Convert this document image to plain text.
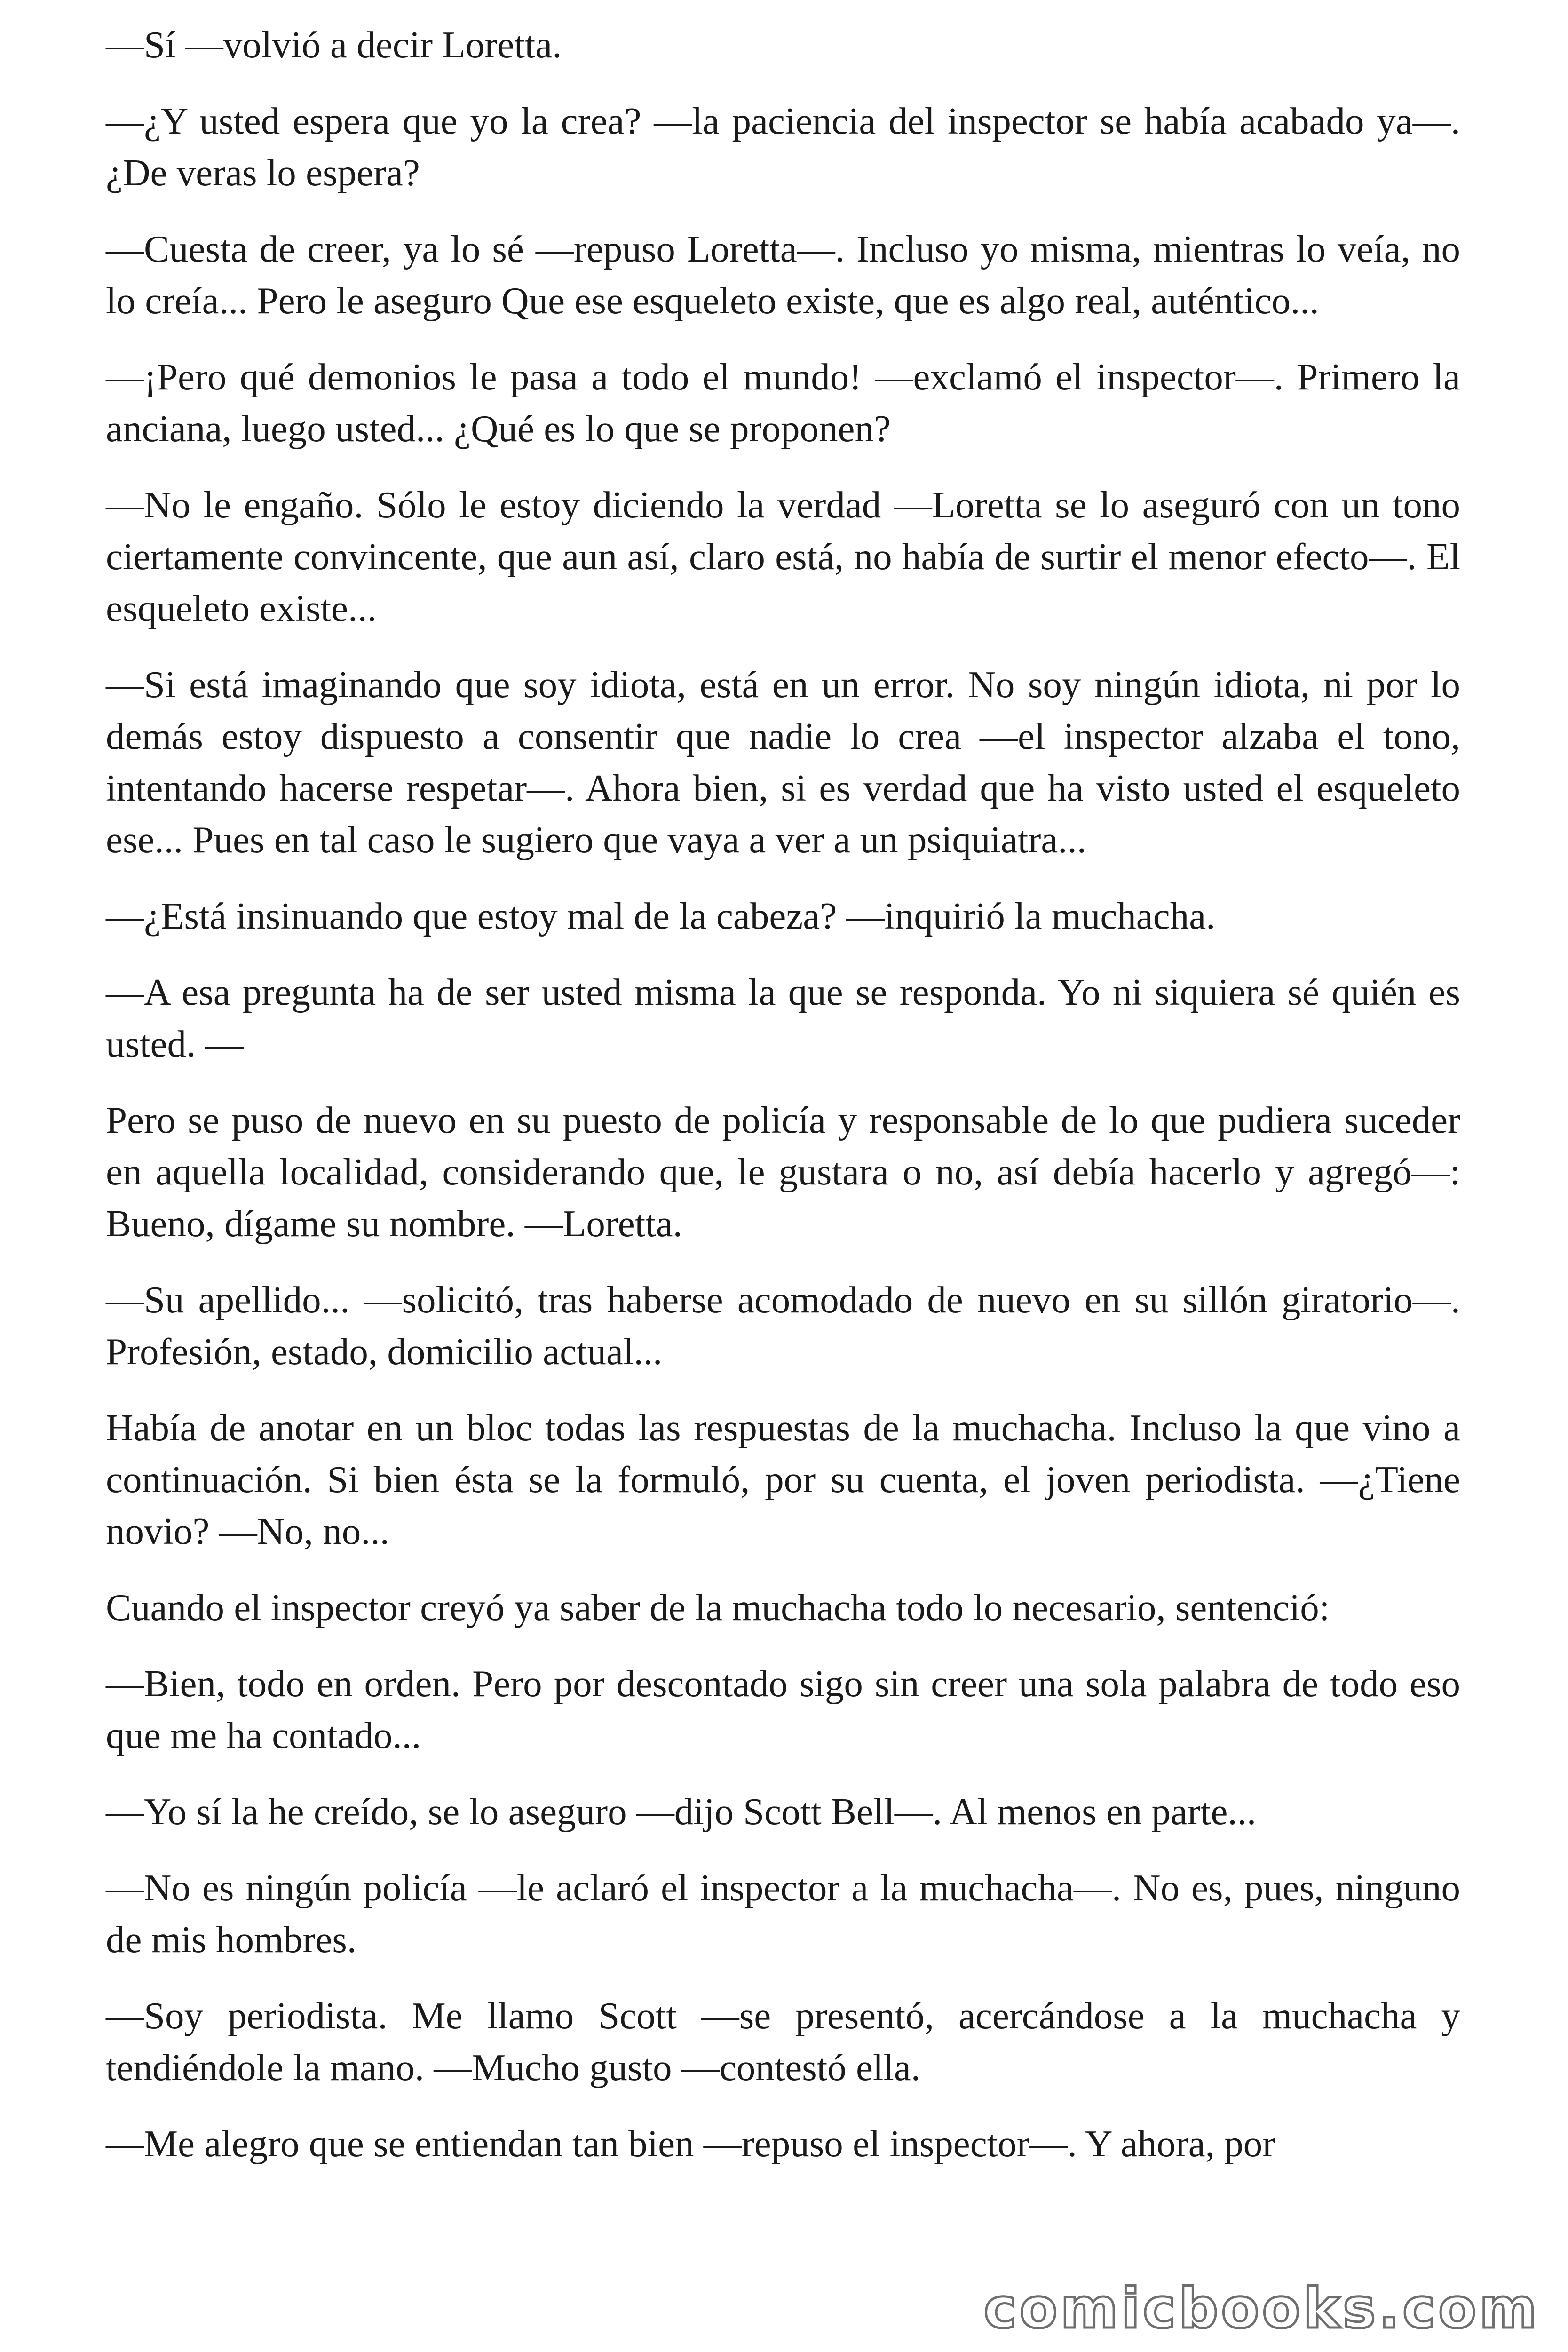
—Sí —volvió a decir Loretta.

—¿Y usted espera que yo la crea? —la paciencia del inspector se había acabado ya—. ¿De veras lo espera?

—Cuesta de creer, ya lo sé —repuso Loretta—. Incluso yo misma, mientras lo veía, no lo creía... Pero le aseguro Que ese esqueleto existe, que es algo real, auténtico...

—¡Pero qué demonios le pasa a todo el mundo! —exclamó el inspector—. Primero la anciana, luego usted... ¿Qué es lo que se proponen?

—No le engaño. Sólo le estoy diciendo la verdad —Loretta se lo aseguró con un tono ciertamente convincente, que aun así, claro está, no había de surtir el menor efecto—. El esqueleto existe...

—Si está imaginando que soy idiota, está en un error. No soy ningún idiota, ni por lo demás estoy dispuesto a consentir que nadie lo crea —el inspector alzaba el tono, intentando hacerse respetar—. Ahora bien, si es verdad que ha visto usted el esqueleto ese... Pues en tal caso le sugiero que vaya a ver a un psiquiatra...

—¿Está insinuando que estoy mal de la cabeza? —inquirió la muchacha.

—A esa pregunta ha de ser usted misma la que se responda. Yo ni siquiera sé quién es usted. —

Pero se puso de nuevo en su puesto de policía y responsable de lo que pudiera suceder en aquella localidad, considerando que, le gustara o no, así debía hacerlo y agregó—: Bueno, dígame su nombre. —Loretta.

—Su apellido... —solicitó, tras haberse acomodado de nuevo en su sillón giratorio—. Profesión, estado, domicilio actual...

Había de anotar en un bloc todas las respuestas de la muchacha. Incluso la que vino a continuación. Si bien ésta se la formuló, por su cuenta, el joven periodista. —¿Tiene novio? —No, no...

Cuando el inspector creyó ya saber de la muchacha todo lo necesario, sentenció:

—Bien, todo en orden. Pero por descontado sigo sin creer una sola palabra de todo eso que me ha contado...

—Yo sí la he creído, se lo aseguro —dijo Scott Bell—. Al menos en parte...

—No es ningún policía —le aclaró el inspector a la muchacha—. No es, pues, ninguno de mis hombres.

—Soy periodista. Me llamo Scott —se presentó, acercándose a la muchacha y tendiéndole la mano. —Mucho gusto —contestó ella.

—Me alegro que se entiendan tan bien —repuso el inspector—. Y ahora, por

comicbooks.com
